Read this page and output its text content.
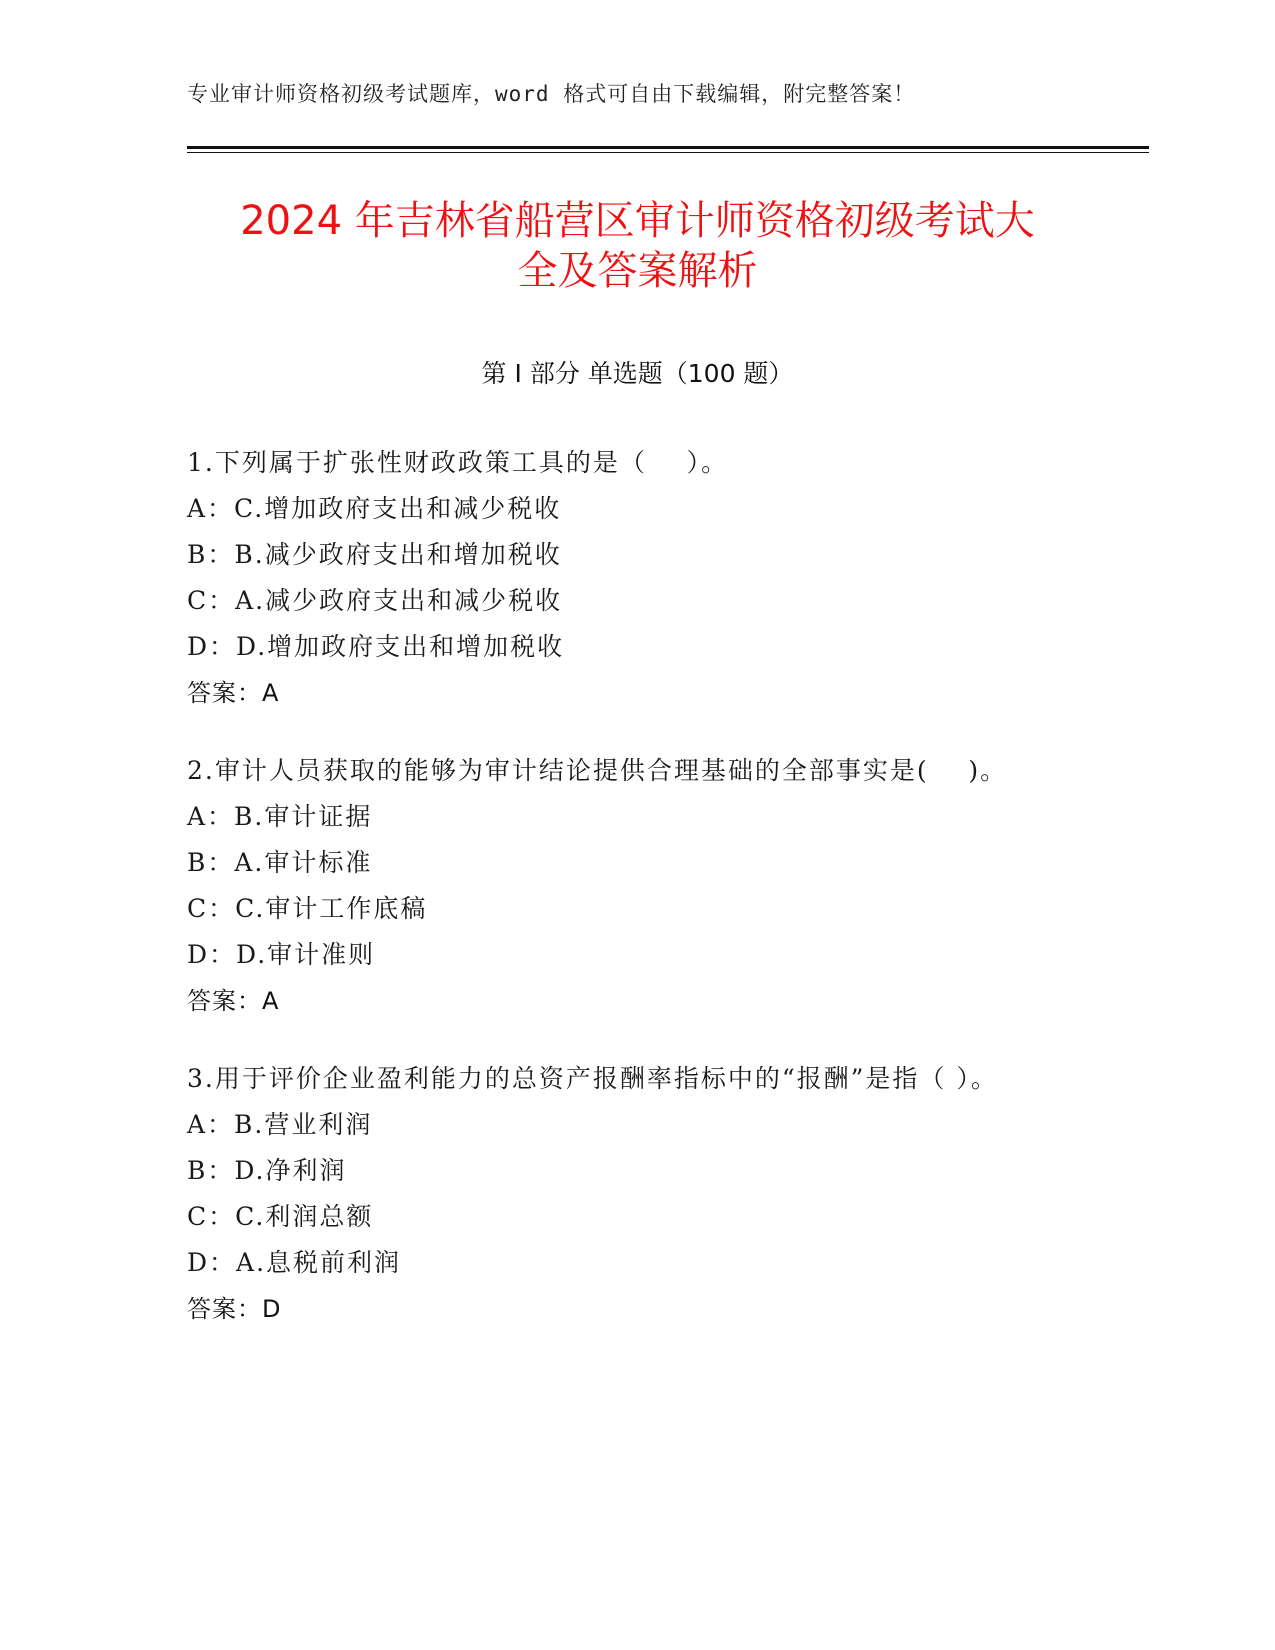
专业审计师资格初级考试题库，word 格式可自由下载编辑，附完整答案！
2024 年吉林省船营区审计师资格初级考试大
全及答案解析
第 I 部分 单选题（100 题）
1.下列属于扩张性财政政策工具的是（    ）。
A：C.增加政府支出和减少税收
B：B.减少政府支出和增加税收
C：A.减少政府支出和减少税收
D：D.增加政府支出和增加税收
答案：A
2.审计人员获取的能够为审计结论提供合理基础的全部事实是(    )。
A：B.审计证据
B：A.审计标准
C：C.审计工作底稿
D：D.审计准则
答案：A
3.用于评价企业盈利能力的总资产报酬率指标中的“报酬”是指（ ）。
A：B.营业利润
B：D.净利润
C：C.利润总额
D：A.息税前利润
答案：D
